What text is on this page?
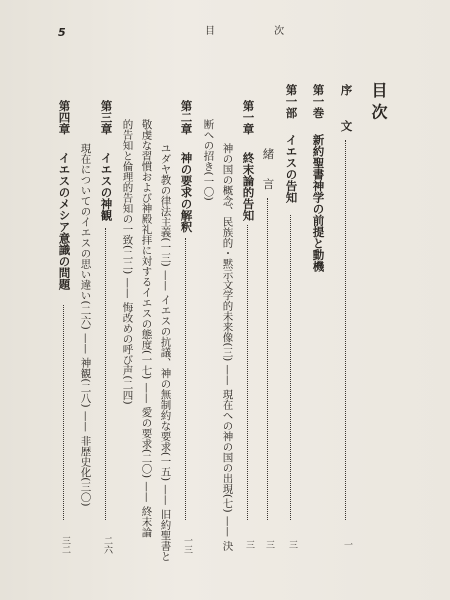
5	目 次

目 次
序
文
一
第一巻
新約聖書神学の前提と動機
第一部
イエスの告知
三
緒
言
三
第一章
終末論的告知
三
神の国の概念、民族的・黙示文学的未来像(三) —— 現在への神の国の出現(七) —— 決
断への招き(一〇)
第二章
神の要求の解釈
一三
ユダヤ教の律法主義(一三) —— イエスの抗議、神の無制約な要求(一五) —— 旧約聖書と
敬虔な習慣および神殿礼拝に対するイエスの態度(一七) —— 愛の要求(二〇) —— 終末論
的告知と倫理的告知の一致(二二) —— 悔改めの呼び声(二四)
第三章
イエスの神観
二六
現在についてのイエスの思い違い(二六) —— 神観(二八) —— 非歴史化(三〇)
第四章
イエスのメシア意識の問題
三二
